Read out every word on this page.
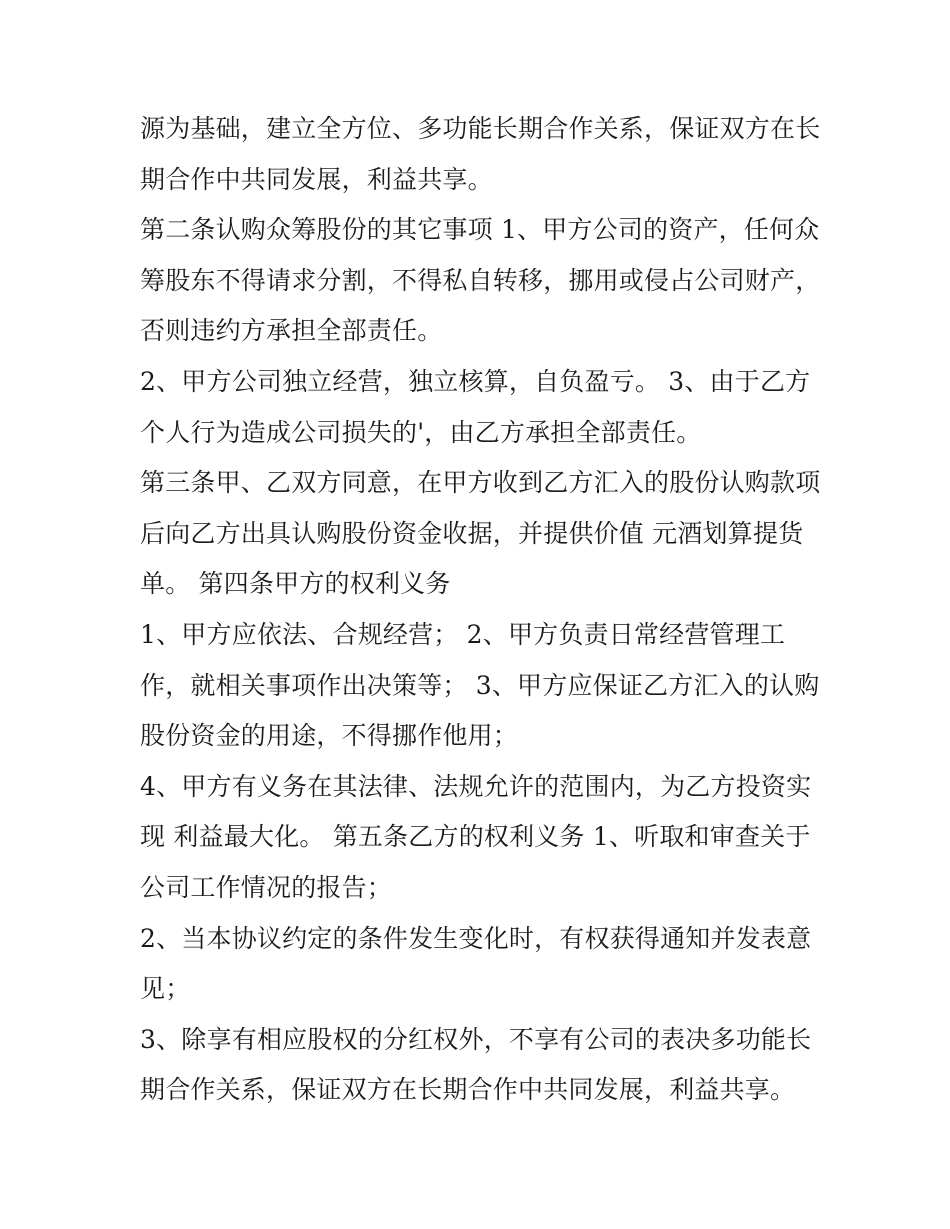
源为基础，建立全方位、多功能长期合作关系，保证双方在长
期合作中共同发展，利益共享。
第二条认购众筹股份的其它事项 1、甲方公司的资产，任何众
筹股东不得请求分割，不得私自转移，挪用或侵占公司财产，
否则违约方承担全部责任。
2、甲方公司独立经营，独立核算，自负盈亏。 3、由于乙方
个人行为造成公司损失的'，由乙方承担全部责任。
第三条甲、乙双方同意，在甲方收到乙方汇入的股份认购款项
后向乙方出具认购股份资金收据，并提供价值 元酒划算提货
单。 第四条甲方的权利义务
1、甲方应依法、合规经营； 2、甲方负责日常经营管理工
作，就相关事项作出决策等； 3、甲方应保证乙方汇入的认购
股份资金的用途，不得挪作他用；
4、甲方有义务在其法律、法规允许的范围内，为乙方投资实
现 利益最大化。 第五条乙方的权利义务 1、听取和审查关于
公司工作情况的报告；
2、当本协议约定的条件发生变化时，有权获得通知并发表意
见；
3、除享有相应股权的分红权外，不享有公司的表决多功能长
期合作关系，保证双方在长期合作中共同发展，利益共享。
